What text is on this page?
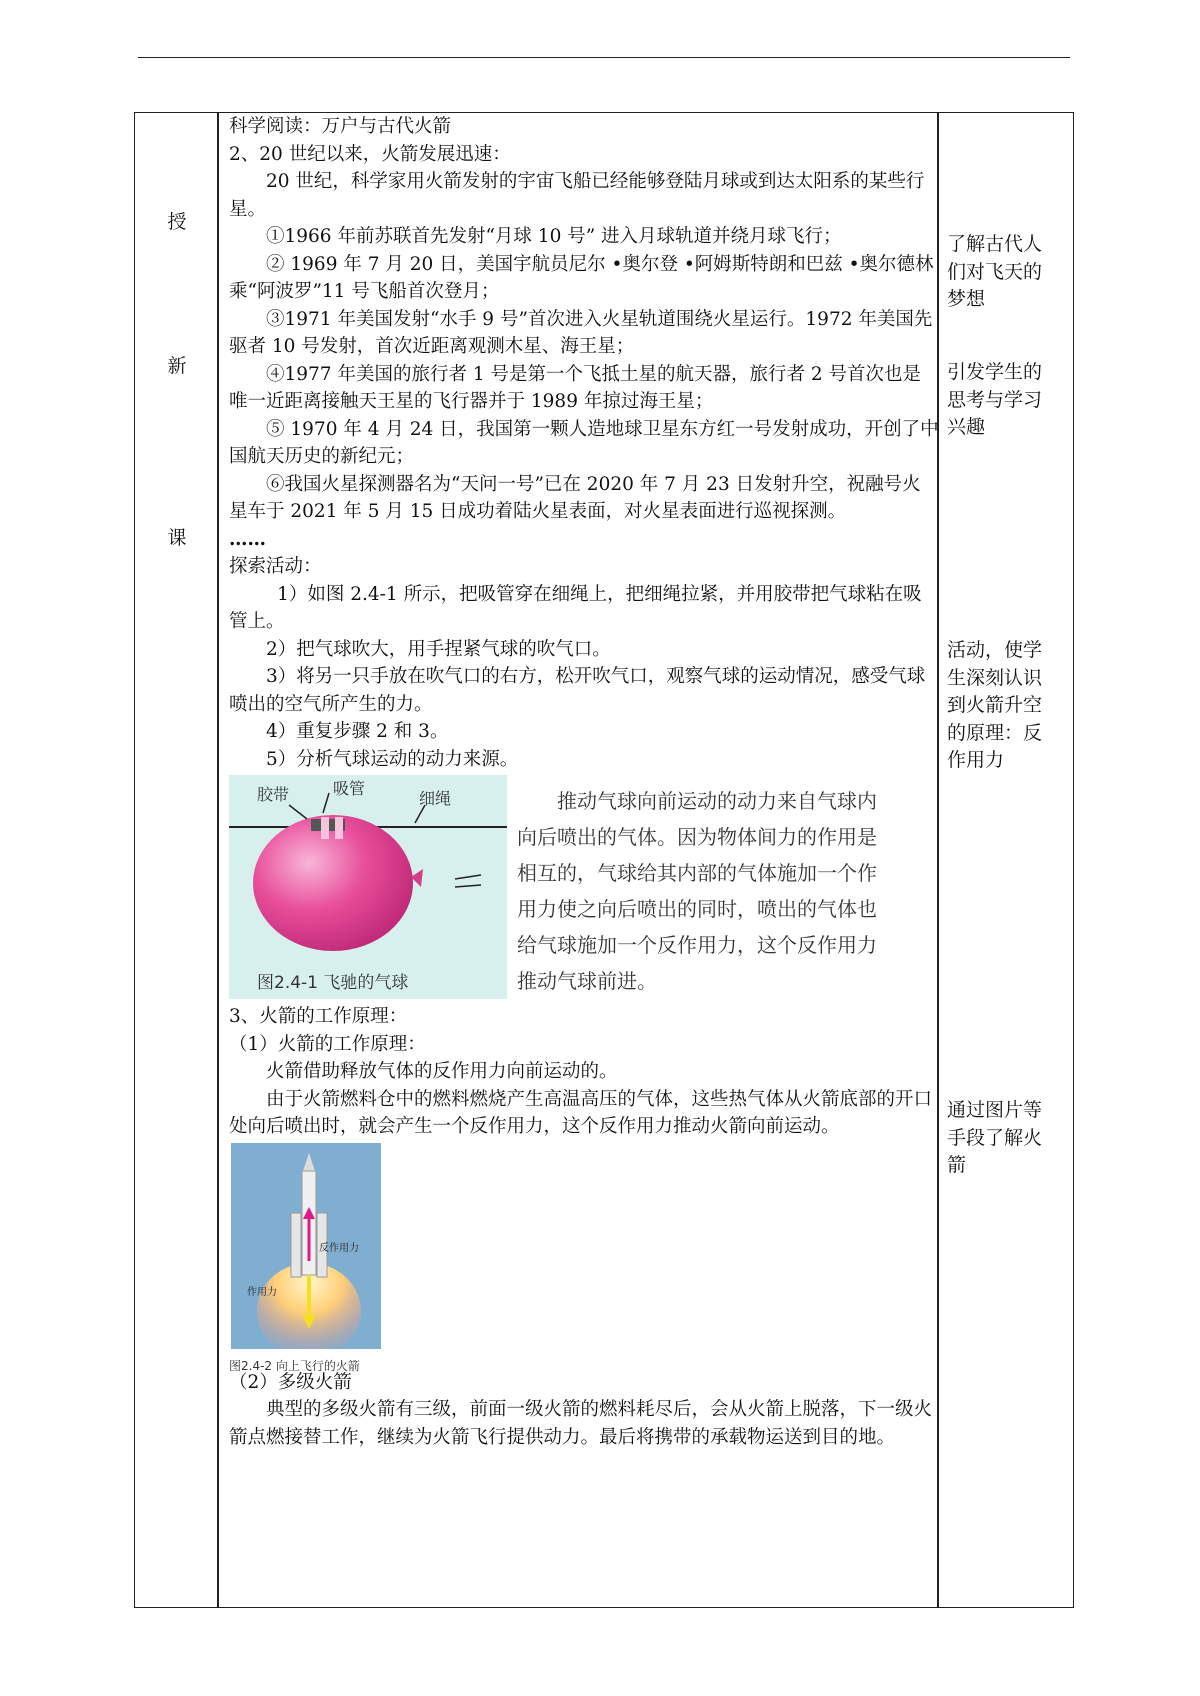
授
新
课

科学阅读：万户与古代火箭

2、20 世纪以来，火箭发展迅速：

20 世纪，科学家用火箭发射的宇宙飞船已经能够登陆月球或到达太阳系的某些行星。

①1966 年前苏联首先发射“月球 10 号” 进入月球轨道并绕月球飞行；

② 1969 年 7 月 20 日，美国宇航员尼尔 •奥尔登 •阿姆斯特朗和巴兹 •奥尔德林乘“阿波罗”11 号飞船首次登月；

③1971 年美国发射“水手 9 号”首次进入火星轨道围绕火星运行。1972 年美国先驱者 10 号发射，首次近距离观测木星、海王星；

④1977 年美国的旅行者 1 号是第一个飞抵土星的航天器，旅行者 2 号首次也是唯一近距离接触天王星的飞行器并于 1989 年掠过海王星；

⑤ 1970 年 4 月 24 日，我国第一颗人造地球卫星东方红一号发射成功，开创了中国航天历史的新纪元；

⑥我国火星探测器名为“天问一号”已在 2020 年 7 月 23 日发射升空，祝融号火星车于 2021 年 5 月 15 日成功着陆火星表面，对火星表面进行巡视探测。

……

探索活动：

1）如图 2.4-1 所示，把吸管穿在细绳上，把细绳拉紧，并用胶带把气球粘在吸管上。

2）把气球吹大，用手捏紧气球的吹气口。

3）将另一只手放在吹气口的右方，松开吹气口，观察气球的运动情况，感受气球喷出的空气所产生的力。

4）重复步骤 2 和 3。

5）分析气球运动的动力来源。

胶带	吸管
细绳
图2.4-1 飞驰的气球
推动气球向前运动的动力来自气球内
向后喷出的气体。因为物体间力的作用是
相互的，气球给其内部的气体施加一个作
用力使之向后喷出的同时，喷出的气体也
给气球施加一个反作用力，这个反作用力
推动气球前进。

3、火箭的工作原理：

（1）火箭的工作原理：

火箭借助释放气体的反作用力向前运动的。

由于火箭燃料仓中的燃料燃烧产生高温高压的气体，这些热气体从火箭底部的开口处向后喷出时，就会产生一个反作用力，这个反作用力推动火箭向前运动。

反作用力
作用力
图2.4-2 向上飞行的火箭

（2）多级火箭

典型的多级火箭有三级，前面一级火箭的燃料耗尽后，会从火箭上脱落，下一级火箭点燃接替工作，继续为火箭飞行提供动力。最后将携带的承载物运送到目的地。

了解古代人

们对飞天的

梦想

引发学生的

思考与学习

兴趣

活动，使学

生深刻认识

到火箭升空

的原理：反

作用力

通过图片等

手段了解火

箭
